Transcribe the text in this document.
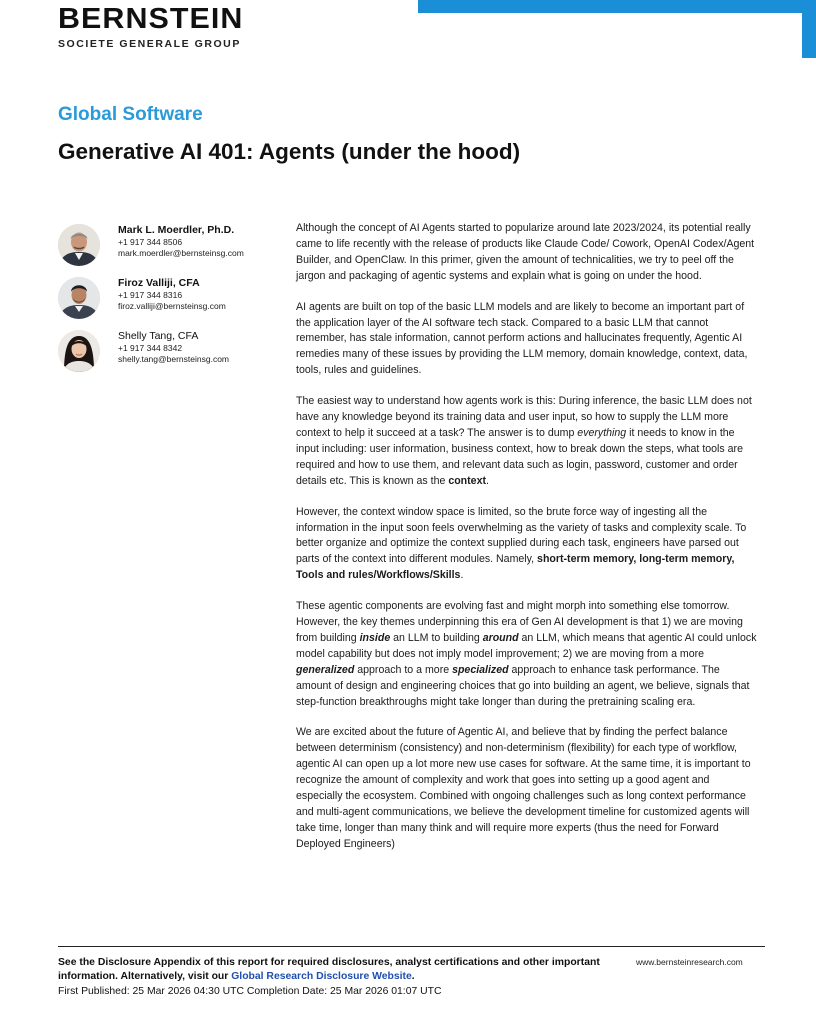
BERNSTEIN
SOCIETE GENERALE GROUP
Global Software
Generative AI 401: Agents (under the hood)
Mark L. Moerdler, Ph.D.
+1 917 344 8506
mark.moerdler@bernsteinsg.com
Firoz Valliji, CFA
+1 917 344 8316
firoz.valliji@bernsteinsg.com
Shelly Tang, CFA
+1 917 344 8342
shelly.tang@bernsteinsg.com

Although the concept of AI Agents started to popularize around late 2023/2024, its potential really came to life recently with the release of products like Claude Code/ Cowork, OpenAI Codex/Agent Builder, and OpenClaw. In this primer, given the amount of technicalities, we try to peel off the jargon and packaging of agentic systems and explain what is going on under the hood.

AI agents are built on top of the basic LLM models and are likely to become an important part of the application layer of the AI software tech stack. Compared to a basic LLM that cannot remember, has stale information, cannot perform actions and hallucinates frequently, Agentic AI remedies many of these issues by providing the LLM memory, domain knowledge, context, data, tools, rules and guidelines.

The easiest way to understand how agents work is this: During inference, the basic LLM does not have any knowledge beyond its training data and user input, so how to supply the LLM more context to help it succeed at a task? The answer is to dump everything it needs to know in the input including: user information, business context, how to break down the steps, what tools are required and how to use them, and relevant data such as login, password, customer and order details etc. This is known as the context.

However, the context window space is limited, so the brute force way of ingesting all the information in the input soon feels overwhelming as the variety of tasks and complexity scale. To better organize and optimize the context supplied during each task, engineers have parsed out parts of the context into different modules. Namely, short-term memory, long-term memory, Tools and rules/Workflows/Skills.

These agentic components are evolving fast and might morph into something else tomorrow. However, the key themes underpinning this era of Gen AI development is that 1) we are moving from building inside an LLM to building around an LLM, which means that agentic AI could unlock model capability but does not imply model improvement; 2) we are moving from a more generalized approach to a more specialized approach to enhance task performance. The amount of design and engineering choices that go into building an agent, we believe, signals that step-function breakthroughs might take longer than during the pretraining scaling era.

We are excited about the future of Agentic AI, and believe that by finding the perfect balance between determinism (consistency) and non-determinism (flexibility) for each type of workflow, agentic AI can open up a lot more new use cases for software. At the same time, it is important to recognize the amount of complexity and work that goes into setting up a good agent and especially the ecosystem. Combined with ongoing challenges such as long context performance and multi-agent communications, we believe the development timeline for customized agents will take time, longer than many think and will require more experts (thus the need for Forward Deployed Engineers)

See the Disclosure Appendix of this report for required disclosures, analyst certifications and other important information. Alternatively, visit our Global Research Disclosure Website.
First Published: 25 Mar 2026 04:30 UTC Completion Date: 25 Mar 2026 01:07 UTC
www.bernsteinresearch.com
